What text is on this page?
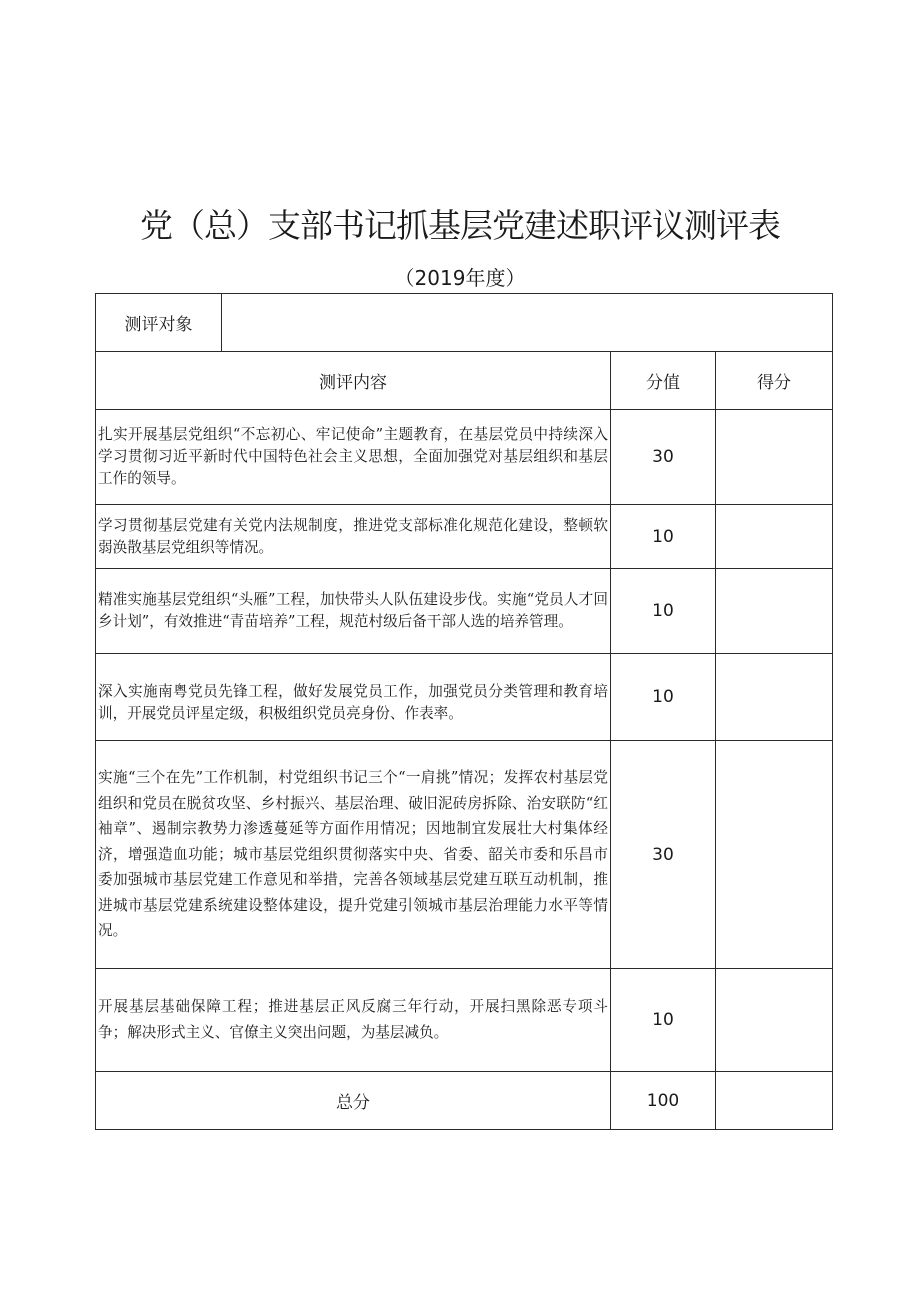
党（总）支部书记抓基层党建述职评议测评表
（2019年度）
测评对象			
测评内容		分值	得分
扎实开展基层党组织“不忘初心、牢记使命”主题教育，在基层党员中持续深入学习贯彻习近平新时代中国特色社会主义思想，全面加强党对基层组织和基层工作的领导。		30	
学习贯彻基层党建有关党内法规制度，推进党支部标准化规范化建设，整顿软弱涣散基层党组织等情况。		10	
精准实施基层党组织“头雁”工程，加快带头人队伍建设步伐。实施“党员人才回乡计划”，有效推进“青苗培养”工程，规范村级后备干部人选的培养管理。		10	
深入实施南粤党员先锋工程，做好发展党员工作，加强党员分类管理和教育培训，开展党员评星定级，积极组织党员亮身份、作表率。		10	
实施“三个在先”工作机制，村党组织书记三个“一肩挑”情况；发挥农村基层党组织和党员在脱贫攻坚、乡村振兴、基层治理、破旧泥砖房拆除、治安联防“红袖章”、遏制宗教势力渗透蔓延等方面作用情况；因地制宜发展壮大村集体经济，增强造血功能；城市基层党组织贯彻落实中央、省委、韶关市委和乐昌市委加强城市基层党建工作意见和举措，完善各领域基层党建互联互动机制，推进城市基层党建系统建设整体建设，提升党建引领城市基层治理能力水平等情况。		30	
开展基层基础保障工程；推进基层正风反腐三年行动，开展扫黑除恶专项斗争；解决形式主义、官僚主义突出问题，为基层减负。		10	
总分		100	
